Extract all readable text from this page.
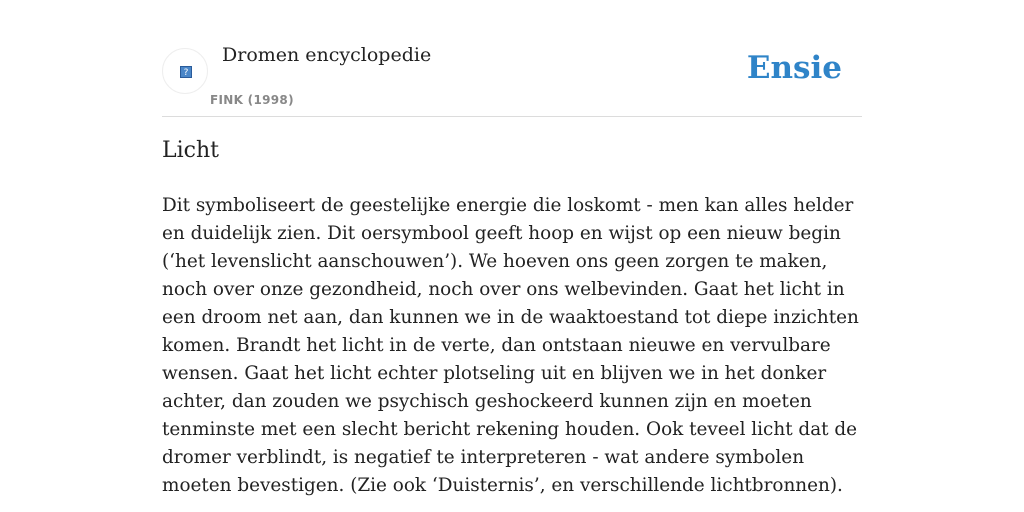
?
Dromen encyclopedie
FINK (1998)
Ensie
Licht

Dit symboliseert de geestelijke energie die loskomt - men kan alles helder en duidelijk zien. Dit oersymbool geeft hoop en wijst op een nieuw begin (‘het levenslicht aanschouwen’). We hoeven ons geen zorgen te maken, noch over onze gezondheid, noch over ons welbevinden. Gaat het licht in een droom net aan, dan kunnen we in de waaktoestand tot diepe inzichten komen. Brandt het licht in de verte, dan ontstaan nieuwe en vervulbare wensen. Gaat het licht echter plotseling uit en blijven we in het donker achter, dan zouden we psychisch geshockeerd kunnen zijn en moeten tenminste met een slecht bericht rekening houden. Ook teveel licht dat de dromer verblindt, is negatief te interpreteren - wat andere symbolen moeten bevestigen. (Zie ook ‘Duisternis’, en verschillende lichtbronnen).
